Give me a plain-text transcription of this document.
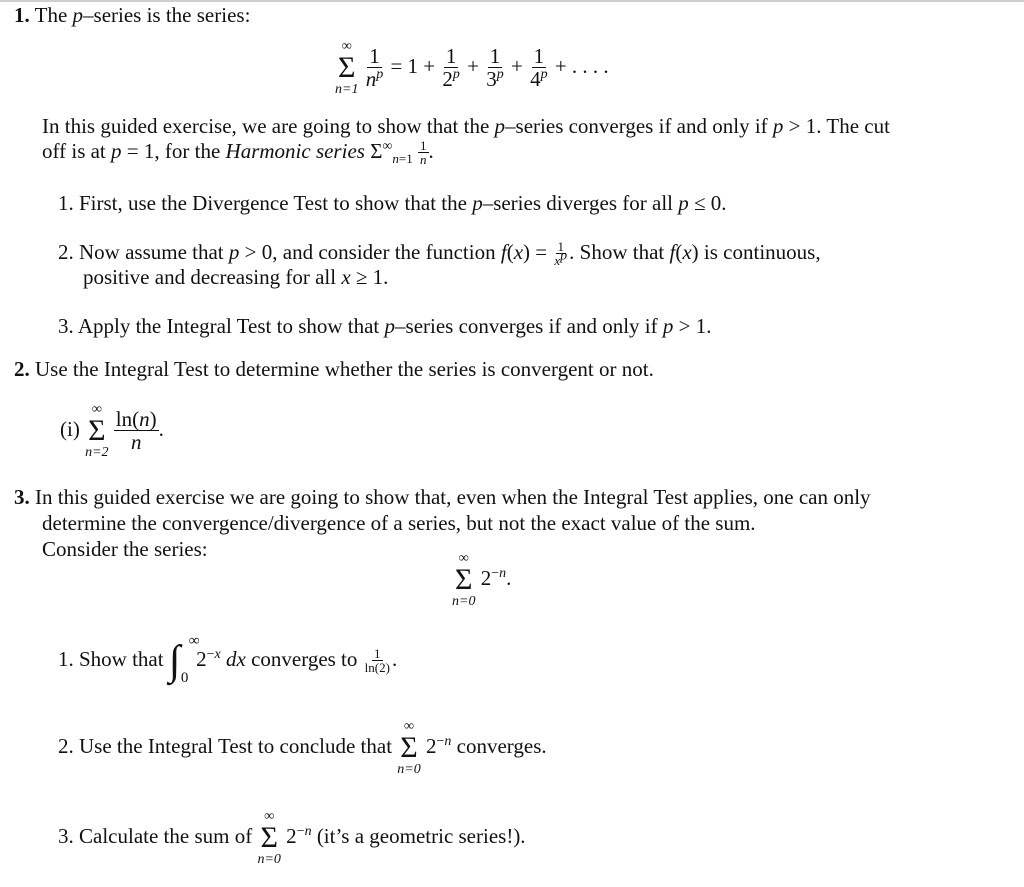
1. The p–series is the series:
∞
Σ
n=1
$\frac{1}{n^p} = 1 + \frac{1}{2^p} + \frac{1}{3^p} + \frac{1}{4^p}$ + . . . .
In this guided exercise, we are going to show that the p–series converges if and only if p > 1. The cut
off is at p = 1, for the Harmonic series $\Sigma^\infty_{n=1} \frac{1}{n}$ .
1. First, use the Divergence Test to show that the p–series diverges for all p ≤ 0.
2. Now assume that p > 0, and consider the function $f(x) = \frac{1}{x^p}$ . Show that f(x) is continuous,
positive and decreasing for all x ≥ 1.
3. Apply the Integral Test to show that p–series converges if and only if p > 1.
2. Use the Integral Test to determine whether the series is convergent or not.
(i)
∞
Σ
n=2
$\frac{\ln(n)}{n}$ .
3. In this guided exercise we are going to show that, even when the Integral Test applies, one can only
determine the convergence/divergence of a series, but not the exact value of the sum.
Consider the series:	∞
Σ
n=0
$2^{-n}$.
1. Show that ∫ ∞
0
$2^{-x}$ dx converges to $\frac{1}{\ln(2)}$ .
2. Use the Integral Test to conclude that
∞
Σ
n=0
$2^{-n}$ converges.
3. Calculate the sum of
∞
Σ
n=0
$2^{-n}$ (it’s a geometric series!).
